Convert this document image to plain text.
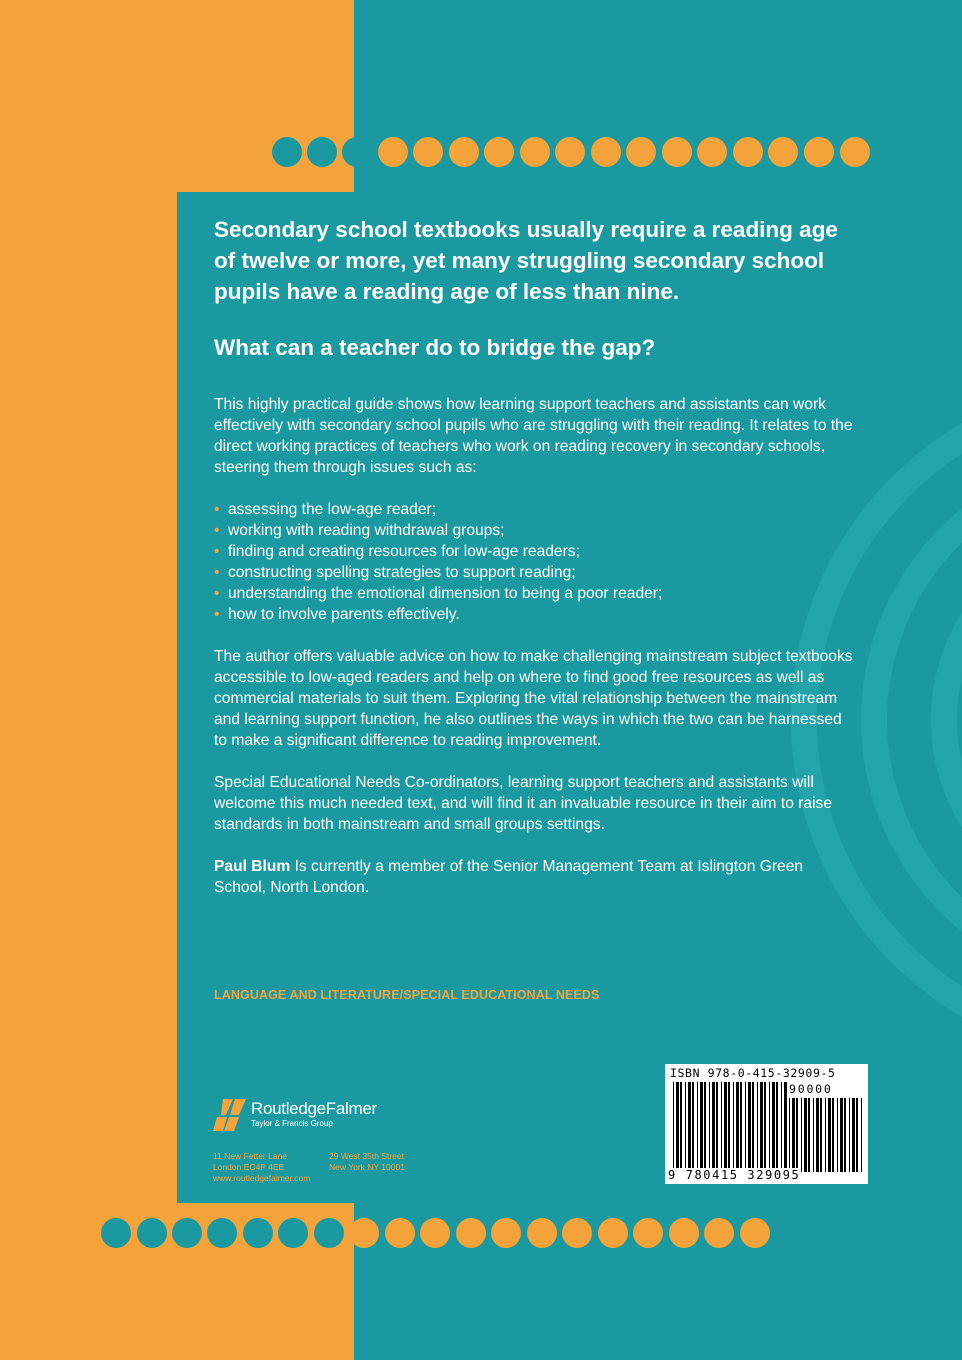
Secondary school textbooks usually require a reading age of twelve or more, yet many struggling secondary school pupils have a reading age of less than nine.

What can a teacher do to bridge the gap?

This highly practical guide shows how learning support teachers and assistants can work effectively with secondary school pupils who are struggling with their reading. It relates to the direct working practices of teachers who work on reading recovery in secondary schools, steering them through issues such as:

• assessing the low-age reader;
• working with reading withdrawal groups;
• finding and creating resources for low-age readers;
• constructing spelling strategies to support reading;
• understanding the emotional dimension to being a poor reader;
• how to involve parents effectively.

The author offers valuable advice on how to make challenging mainstream subject textbooks accessible to low-aged readers and help on where to find good free resources as well as commercial materials to suit them. Exploring the vital relationship between the mainstream and learning support function, he also outlines the ways in which the two can be harnessed to make a significant difference to reading improvement.

Special Educational Needs Co-ordinators, learning support teachers and assistants will welcome this much needed text, and will find it an invaluable resource in their aim to raise standards in both mainstream and small groups settings.

Paul Blum Is currently a member of the Senior Management Team at Islington Green School, North London.

LANGUAGE AND LITERATURE/SPECIAL EDUCATIONAL NEEDS
RoutledgeFalmer
Taylor & Francis Group
11 New Fetter Lane
London EC4P 4EE
www.routledgefalmer.com
29 West 35th Street
New York NY 10001
ISBN 978-0-415-32909-5
90000
9 780415 329095
